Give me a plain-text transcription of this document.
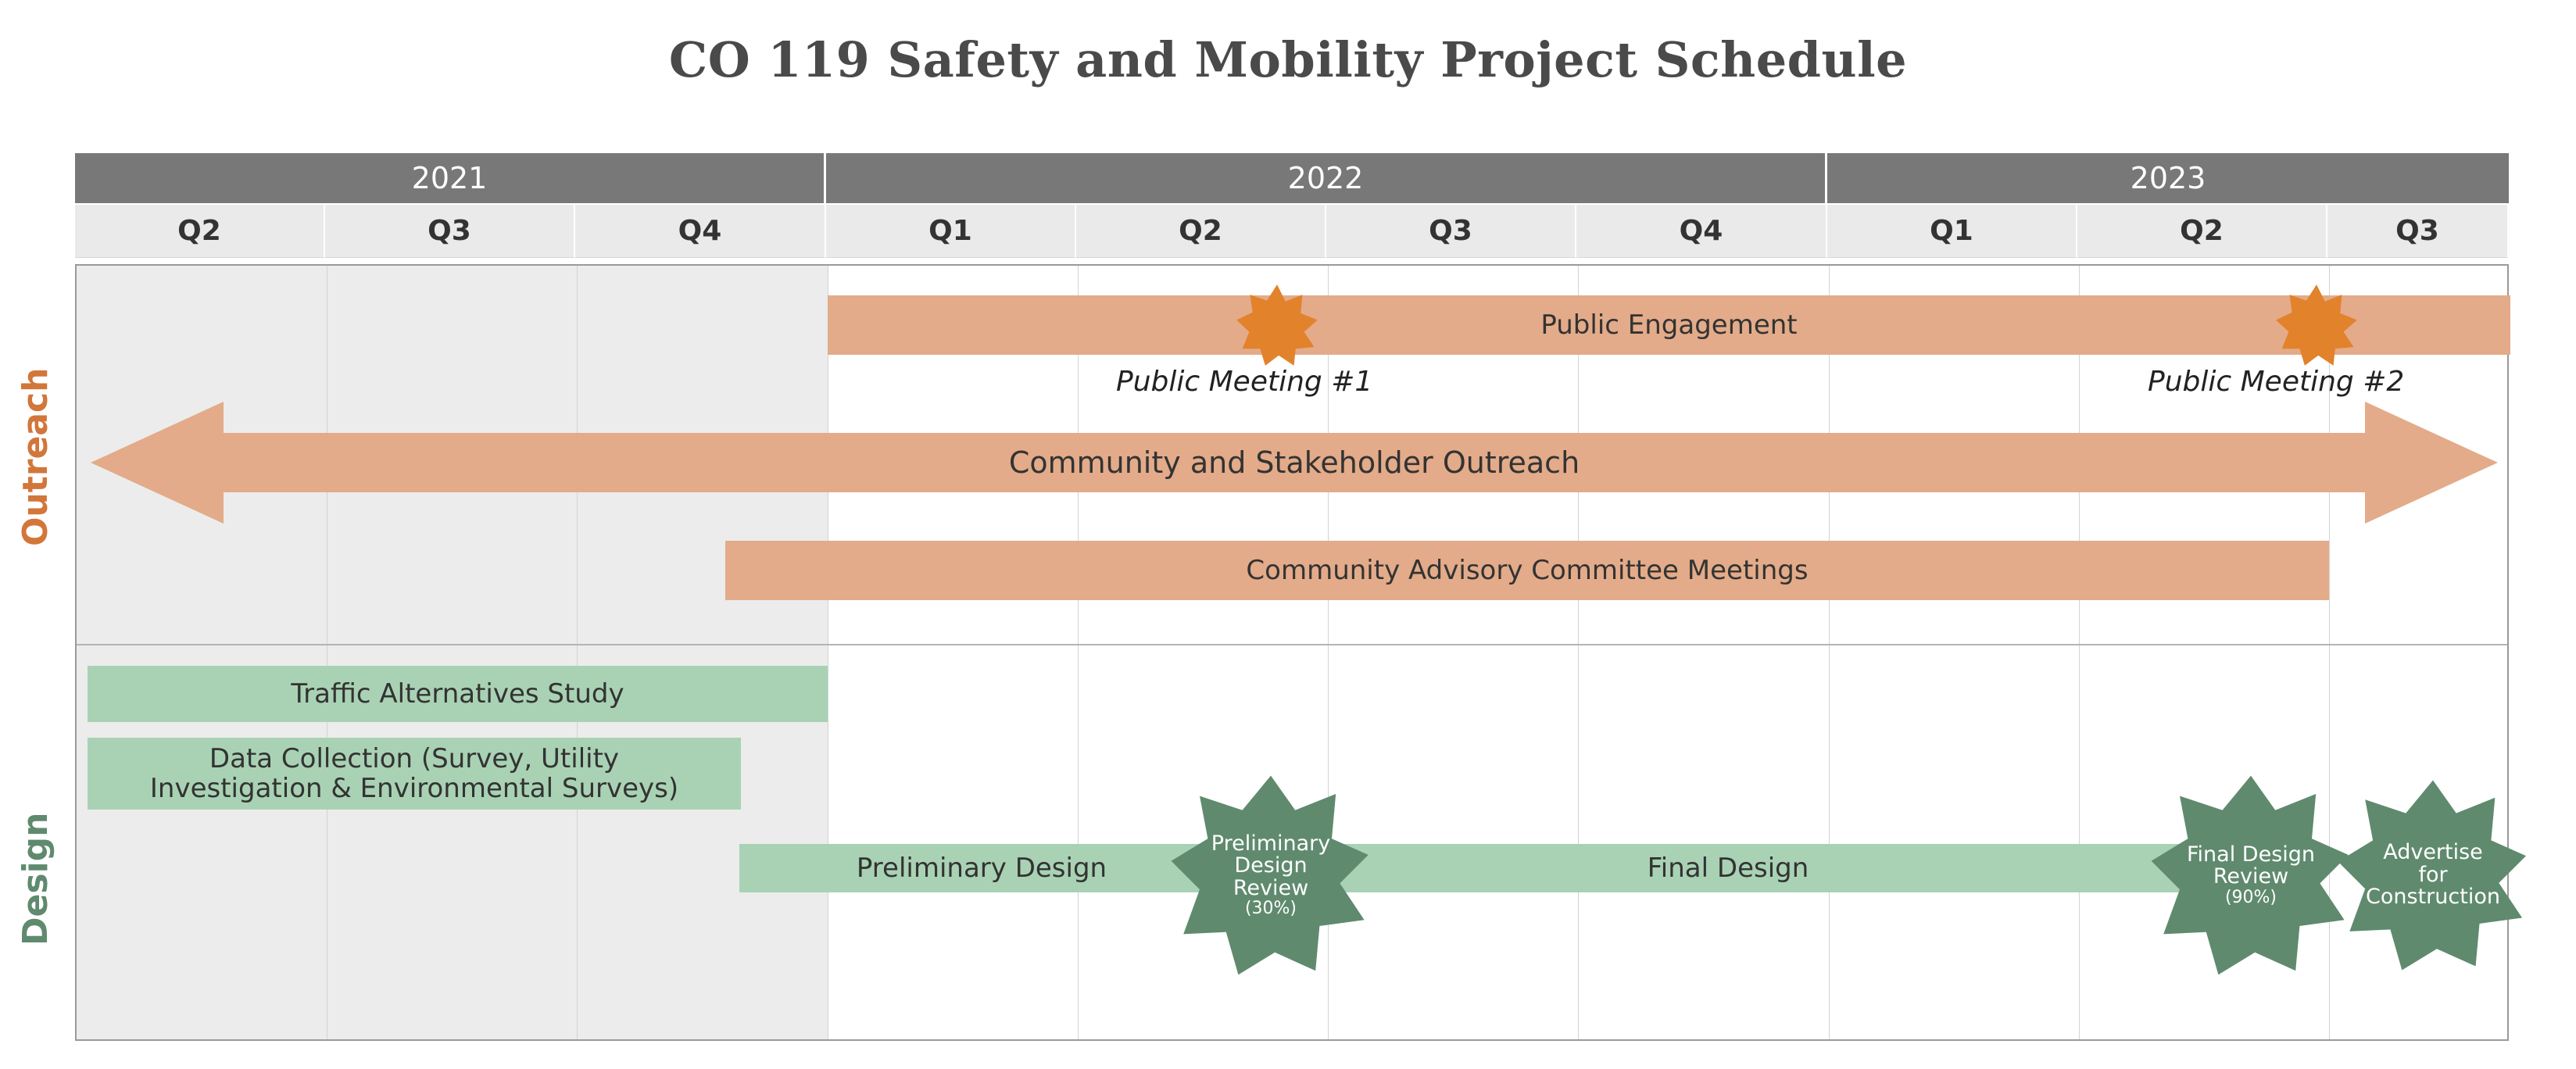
CO 119 Safety and Mobility Project Schedule
2021	2022	2023
Q2	Q3	Q4	Q1	Q2	Q3	Q4	Q1	Q2	Q3
Public Engagement
Public Meeting #1	Public Meeting #2
Community and Stakeholder Outreach
Community Advisory Committee Meetings
Traffic Alternatives Study
Data Collection (Survey, Utility
Investigation & Environmental Surveys)
Preliminary Design	Final Design
Preliminary
Design
Review
(30%)
Final Design
Review
(90%)
Advertise
for
Construction
Outreach
Design
